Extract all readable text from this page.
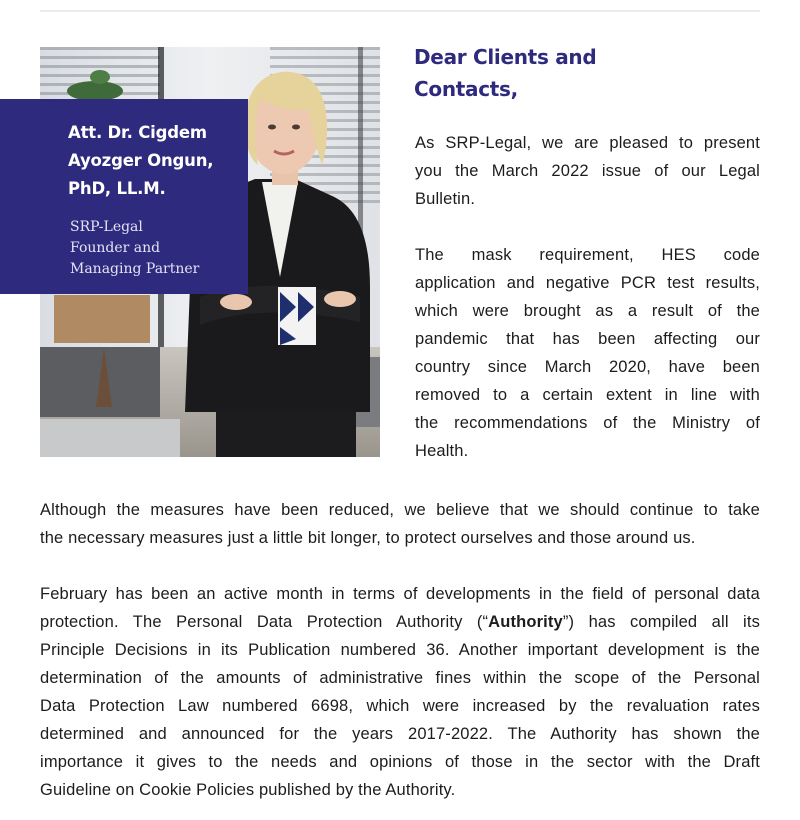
Att. Dr. Cigdem
Ayozger Ongun,
PhD, LL.M.
SRP-Legal
Founder and
Managing Partner
Dear Clients and
Contacts,

As SRP-Legal, we are pleased to present
you the March 2022 issue of our Legal
Bulletin.

The mask requirement, HES code
application and negative PCR test results,
which were brought as a result of the
pandemic that has been affecting our
country since March 2020, have been
removed to a certain extent in line with
the recommendations of the Ministry of
Health.

Although the measures have been reduced, we believe that we should continue to take
the necessary measures just a little bit longer, to protect ourselves and those around us.

February has been an active month in terms of developments in the field of personal data
protection. The Personal Data Protection Authority (“Authority”) has compiled all its
Principle Decisions in its Publication numbered 36. Another important development is the
determination of the amounts of administrative fines within the scope of the Personal
Data Protection Law numbered 6698, which were increased by the revaluation rates
determined and announced for the years 2017-2022. The Authority has shown the
importance it gives to the needs and opinions of those in the sector with the Draft
Guideline on Cookie Policies published by the Authority.
